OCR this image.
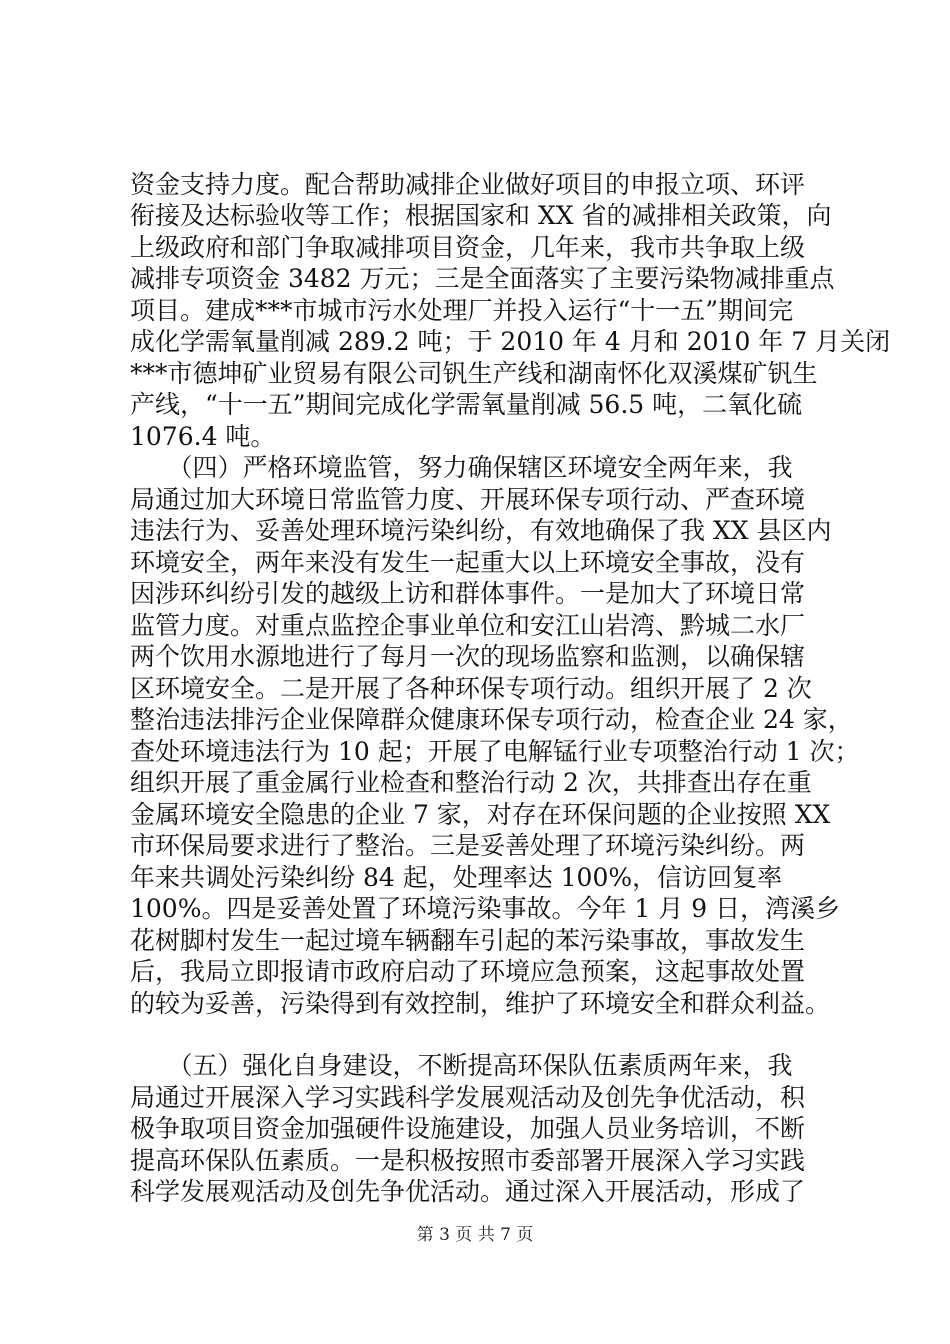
资金支持力度。配合帮助减排企业做好项目的申报立项、环评
衔接及达标验收等工作；根据国家和 XX 省的减排相关政策，向
上级政府和部门争取减排项目资金，几年来，我市共争取上级
减排专项资金 3482 万元；三是全面落实了主要污染物减排重点
项目。建成***市城市污水处理厂并投入运行“十一五”期间完
成化学需氧量削减 289.2 吨；于 2010 年 4 月和 2010 年 7 月关闭
***市德坤矿业贸易有限公司钒生产线和湖南怀化双溪煤矿钒生
产线，“十一五”期间完成化学需氧量削减 56.5 吨，二氧化硫
1076.4 吨。
　　（四）严格环境监管，努力确保辖区环境安全两年来，我
局通过加大环境日常监管力度、开展环保专项行动、严查环境
违法行为、妥善处理环境污染纠纷，有效地确保了我 XX 县区内
环境安全，两年来没有发生一起重大以上环境安全事故，没有
因涉环纠纷引发的越级上访和群体事件。一是加大了环境日常
监管力度。对重点监控企事业单位和安江山岩湾、黔城二水厂
两个饮用水源地进行了每月一次的现场监察和监测，以确保辖
区环境安全。二是开展了各种环保专项行动。组织开展了 2 次
整治违法排污企业保障群众健康环保专项行动，检查企业 24 家，
查处环境违法行为 10 起；开展了电解锰行业专项整治行动 1 次；
组织开展了重金属行业检查和整治行动 2 次，共排查出存在重
金属环境安全隐患的企业 7 家，对存在环保问题的企业按照 XX
市环保局要求进行了整治。三是妥善处理了环境污染纠纷。两
年来共调处污染纠纷 84 起，处理率达 100%，信访回复率
100%。四是妥善处置了环境污染事故。今年 1 月 9 日，湾溪乡
花树脚村发生一起过境车辆翻车引起的苯污染事故，事故发生
后，我局立即报请市政府启动了环境应急预案，这起事故处置
的较为妥善，污染得到有效控制，维护了环境安全和群众利益。
　　（五）强化自身建设，不断提高环保队伍素质两年来，我
局通过开展深入学习实践科学发展观活动及创先争优活动，积
极争取项目资金加强硬件设施建设，加强人员业务培训，不断
提高环保队伍素质。一是积极按照市委部署开展深入学习实践
科学发展观活动及创先争优活动。通过深入开展活动，形成了
第 3 页 共 7 页
